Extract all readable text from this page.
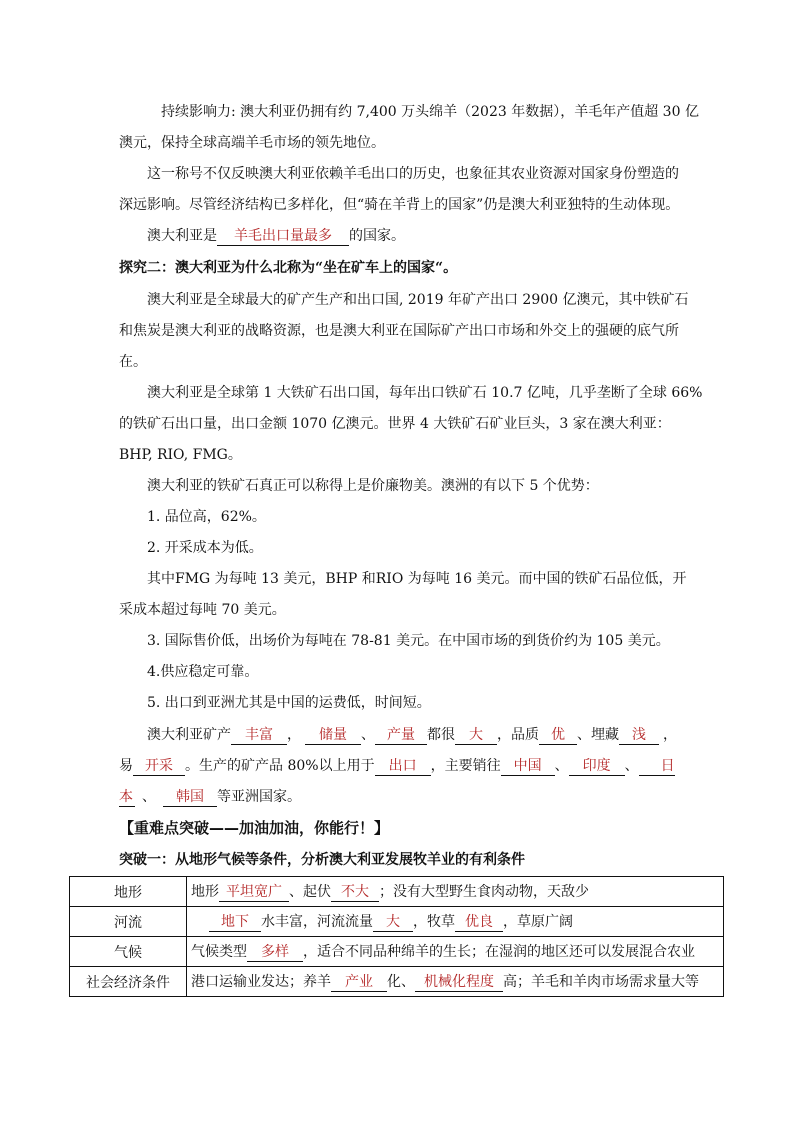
持续影响力: 澳大利亚仍拥有约 7,400 万头绵羊（2023 年数据），羊毛年产值超 30 亿
澳元，保持全球高端羊毛市场的领先地位。
这一称号不仅反映澳大利亚依赖羊毛出口的历史，也象征其农业资源对国家身份塑造的
深远影响。尽管经济结构已多样化，但“骑在羊背上的国家”仍是澳大利亚独特的生动体现。
澳大利亚是 羊毛出口量最多 的国家。
探究二：澳大利亚为什么北称为“坐在矿车上的国家“。
澳大利亚是全球最大的矿产生产和出口国, 2019 年矿产出口 2900 亿澳元，其中铁矿石
和焦炭是澳大利亚的战略资源，也是澳大利亚在国际矿产出口市场和外交上的强硬的底气所
在。
澳大利亚是全球第 1 大铁矿石出口国，每年出口铁矿石 10.7 亿吨，几乎垄断了全球 66%
的铁矿石出口量，出口金额 1070 亿澳元。世界 4 大铁矿石矿业巨头，3 家在澳大利亚：
BHP, RIO, FMG。
澳大利亚的铁矿石真正可以称得上是价廉物美。澳洲的有以下 5 个优势：
1. 品位高，62%。
2. 开采成本为低。
其中FMG 为每吨 13 美元，BHP 和RIO 为每吨 16 美元。而中国的铁矿石品位低，开
采成本超过每吨 70 美元。
3. 国际售价低，出场价为每吨在 78-81 美元。在中国市场的到货价约为 105 美元。
4.供应稳定可靠。
5. 出口到亚洲尤其是中国的运费低，时间短。
澳大利亚矿产 丰富 ， 储量 、 产量 都很 大 ，品质 优 、埋藏 浅 ，
易 开采 。生产的矿产品 80%以上用于 出口 ，主要销往 中国 、 印度 、 日
本 、 韩国 等亚洲国家。
【重难点突破——加油加油，你能行！】
突破一：从地形气候等条件，分析澳大利亚发展牧羊业的有利条件
地形	地形 平坦宽广 、起伏 不大 ；没有大型野生食肉动物，天敌少
河流	地下 水丰富，河流流量 大 ，牧草 优良 ，草原广阔
气候	气候类型 多样 ，适合不同品种绵羊的生长；在湿润的地区还可以发展混合农业
社会经济条件	港口运输业发达；养羊 产业 化、 机械化程度 高；羊毛和羊肉市场需求量大等
